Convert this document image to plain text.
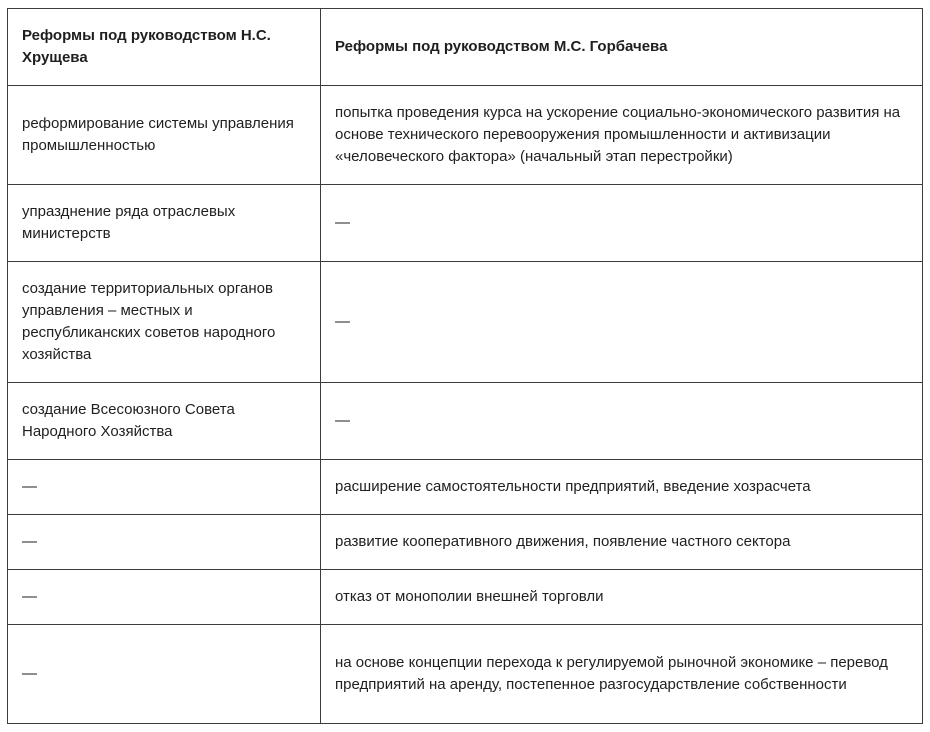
Реформы под руководством Н.С. Хрущева	Реформы под руководством М.С. Горбачева
реформирование системы управления промышленностью	попытка проведения курса на ускорение социально-экономического развития на основе технического перевооружения промышленности и активизации «человеческого фактора» (начальный этап перестройки)
упразднение ряда отраслевых министерств	—
создание территориальных органов управления – местных и республиканских советов народного хозяйства	—
создание Всесоюзного Совета Народного Хозяйства	—
—	расширение самостоятельности предприятий, введение хозрасчета
—	развитие кооперативного движения, появление частного сектора
—	отказ от монополии внешней торговли
—	на основе концепции перехода к регулируемой рыночной экономике – перевод предприятий на аренду, постепенное разгосударствление собственности
